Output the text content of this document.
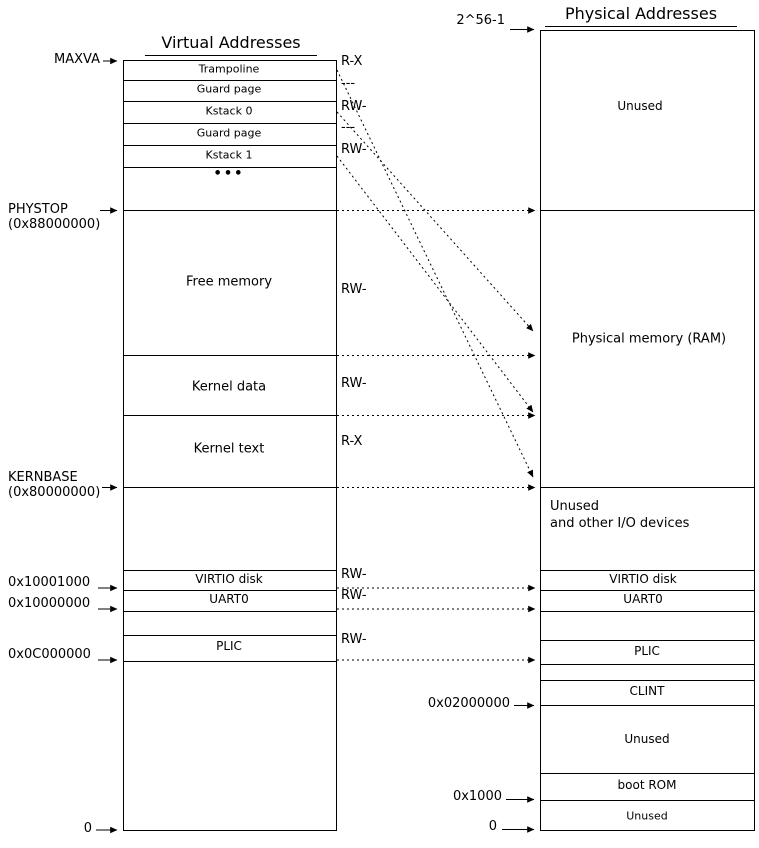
Virtual Addresses
Physical Addresses
Trampoline
Guard page
Kstack 0
Guard page
Kstack 1
•••
Free memory
Kernel data
Kernel text
VIRTIO disk
UART0
PLIC
R-X
---
RW-
---
RW-
RW-
RW-
R-X
RW-
RW-
RW-
MAXVA
PHYSTOP
(0x88000000)
KERNBASE
(0x80000000)
0x10001000
0x10000000
0x0C000000
0
2^56-1
0x02000000
0x1000
0
Unused
Physical memory (RAM)
Unused
and other I/O devices
VIRTIO disk
UART0
PLIC
CLINT
Unused
boot ROM
Unused
